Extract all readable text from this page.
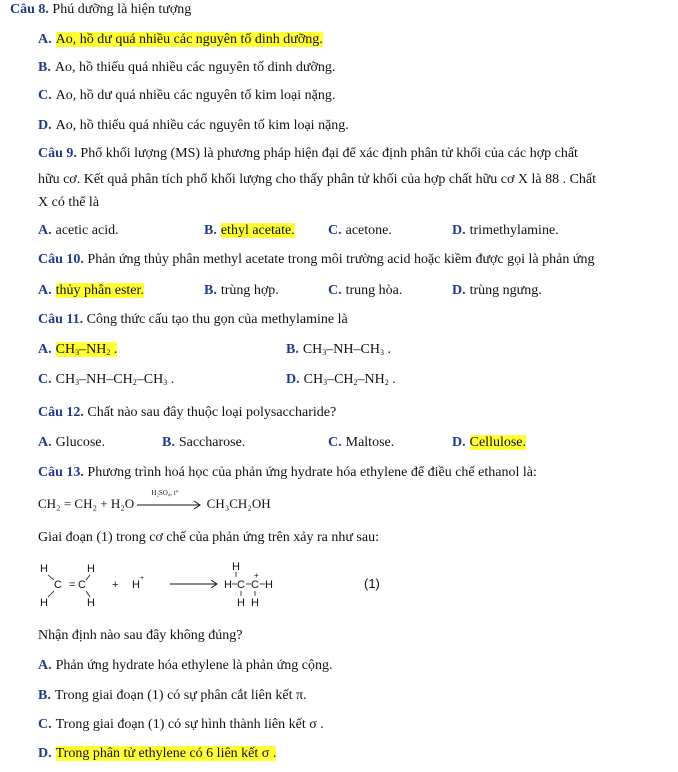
Câu 8. Phú dưỡng là hiện tượng
A. Ao, hồ dư quá nhiều các nguyên tố dinh dưỡng.
B. Ao, hồ thiếu quá nhiều các nguyên tố dinh dưỡng.
C. Ao, hồ dư quá nhiều các nguyên tố kim loại nặng.
D. Ao, hồ thiếu quá nhiều các nguyên tố kim loại nặng.
Câu 9. Phổ khối lượng (MS) là phương pháp hiện đại để xác định phân tử khối của các hợp chất
hữu cơ. Kết quả phân tích phổ khối lượng cho thấy phân tử khối của hợp chất hữu cơ X là 88 . Chất
X có thể là
A. acetic acid.	B. ethyl acetate. C. acetone.	D. trimethylamine.
Câu 10. Phản ứng thủy phân methyl acetate trong môi trường acid hoặc kiềm được gọi là phản ứng
A. thủy phân ester.	B. trùng hợp.	C. trung hòa.	D. trùng ngưng.
Câu 11. Công thức cấu tạo thu gọn của methylamine là
A. CH3–NH2 .	B. CH3–NH–CH3 .
C. CH3–NH–CH2–CH3 .	D. CH3–CH2–NH2 .
Câu 12. Chất nào sau đây thuộc loại polysaccharide?
A. Glucose.	B. Saccharose.	C. Maltose.	D. Cellulose.
Câu 13. Phương trình hoá học của phản ứng hydrate hóa ethylene để điều chế ethanol là:
CH₂ = CH₂ + H₂O
H₂SO₄, t°
CH₃CH₂OH
Giai đoạn (1) trong cơ chế của phản ứng trên xảy ra như sau:
H
H
C = C
H
H
+ H
+
H
H C C
+
H
H H
(1)
Nhận định nào sau đây không đúng?
A. Phản ứng hydrate hóa ethylene là phản ứng cộng.
B. Trong giai đoạn (1) có sự phân cắt liên kết π.
C. Trong giai đoạn (1) có sự hình thành liên kết σ .
D. Trong phân tử ethylene có 6 liên kết σ .
